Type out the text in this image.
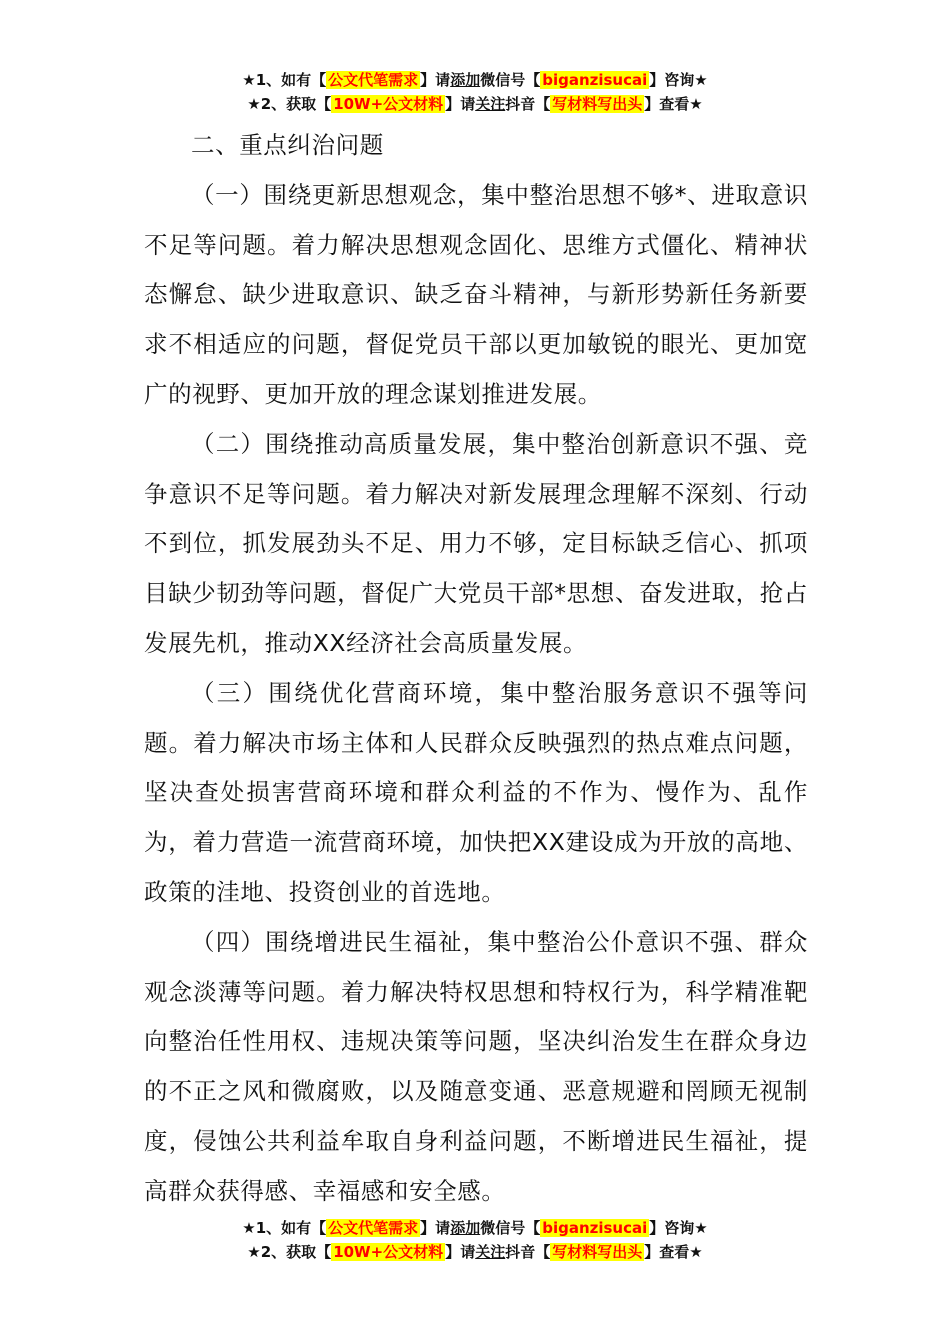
★1、如有【 公文代笔需求 】请添加微信号【 biganzisucai 】咨询★
★2、获取【 10W+公文材料 】请关注抖音【 写材料写出头 】查看★

二、重点纠治问题

（一）围绕更新思想观念，集中整治思想不够*、进取意识不足等问题。着力解决思想观念固化、思维方式僵化、精神状态懈怠、缺少进取意识、缺乏奋斗精神，与新形势新任务新要求不相适应的问题，督促党员干部以更加敏锐的眼光、更加宽广的视野、更加开放的理念谋划推进发展。

（二）围绕推动高质量发展，集中整治创新意识不强、竞争意识不足等问题。着力解决对新发展理念理解不深刻、行动不到位，抓发展劲头不足、用力不够，定目标缺乏信心、抓项目缺少韧劲等问题，督促广大党员干部*思想、奋发进取，抢占发展先机，推动XX经济社会高质量发展。

（三）围绕优化营商环境，集中整治服务意识不强等问题。着力解决市场主体和人民群众反映强烈的热点难点问题，坚决查处损害营商环境和群众利益的不作为、慢作为、乱作为，着力营造一流营商环境，加快把XX建设成为开放的高地、政策的洼地、投资创业的首选地。

（四）围绕增进民生福祉，集中整治公仆意识不强、群众观念淡薄等问题。着力解决特权思想和特权行为，科学精准靶向整治任性用权、违规决策等问题，坚决纠治发生在群众身边的不正之风和微腐败，以及随意变通、恶意规避和罔顾无视制度，侵蚀公共利益牟取自身利益问题，不断增进民生福祉，提高群众获得感、幸福感和安全感。

★1、如有【 公文代笔需求 】请添加微信号【 biganzisucai 】咨询★
★2、获取【 10W+公文材料 】请关注抖音【 写材料写出头 】查看★
